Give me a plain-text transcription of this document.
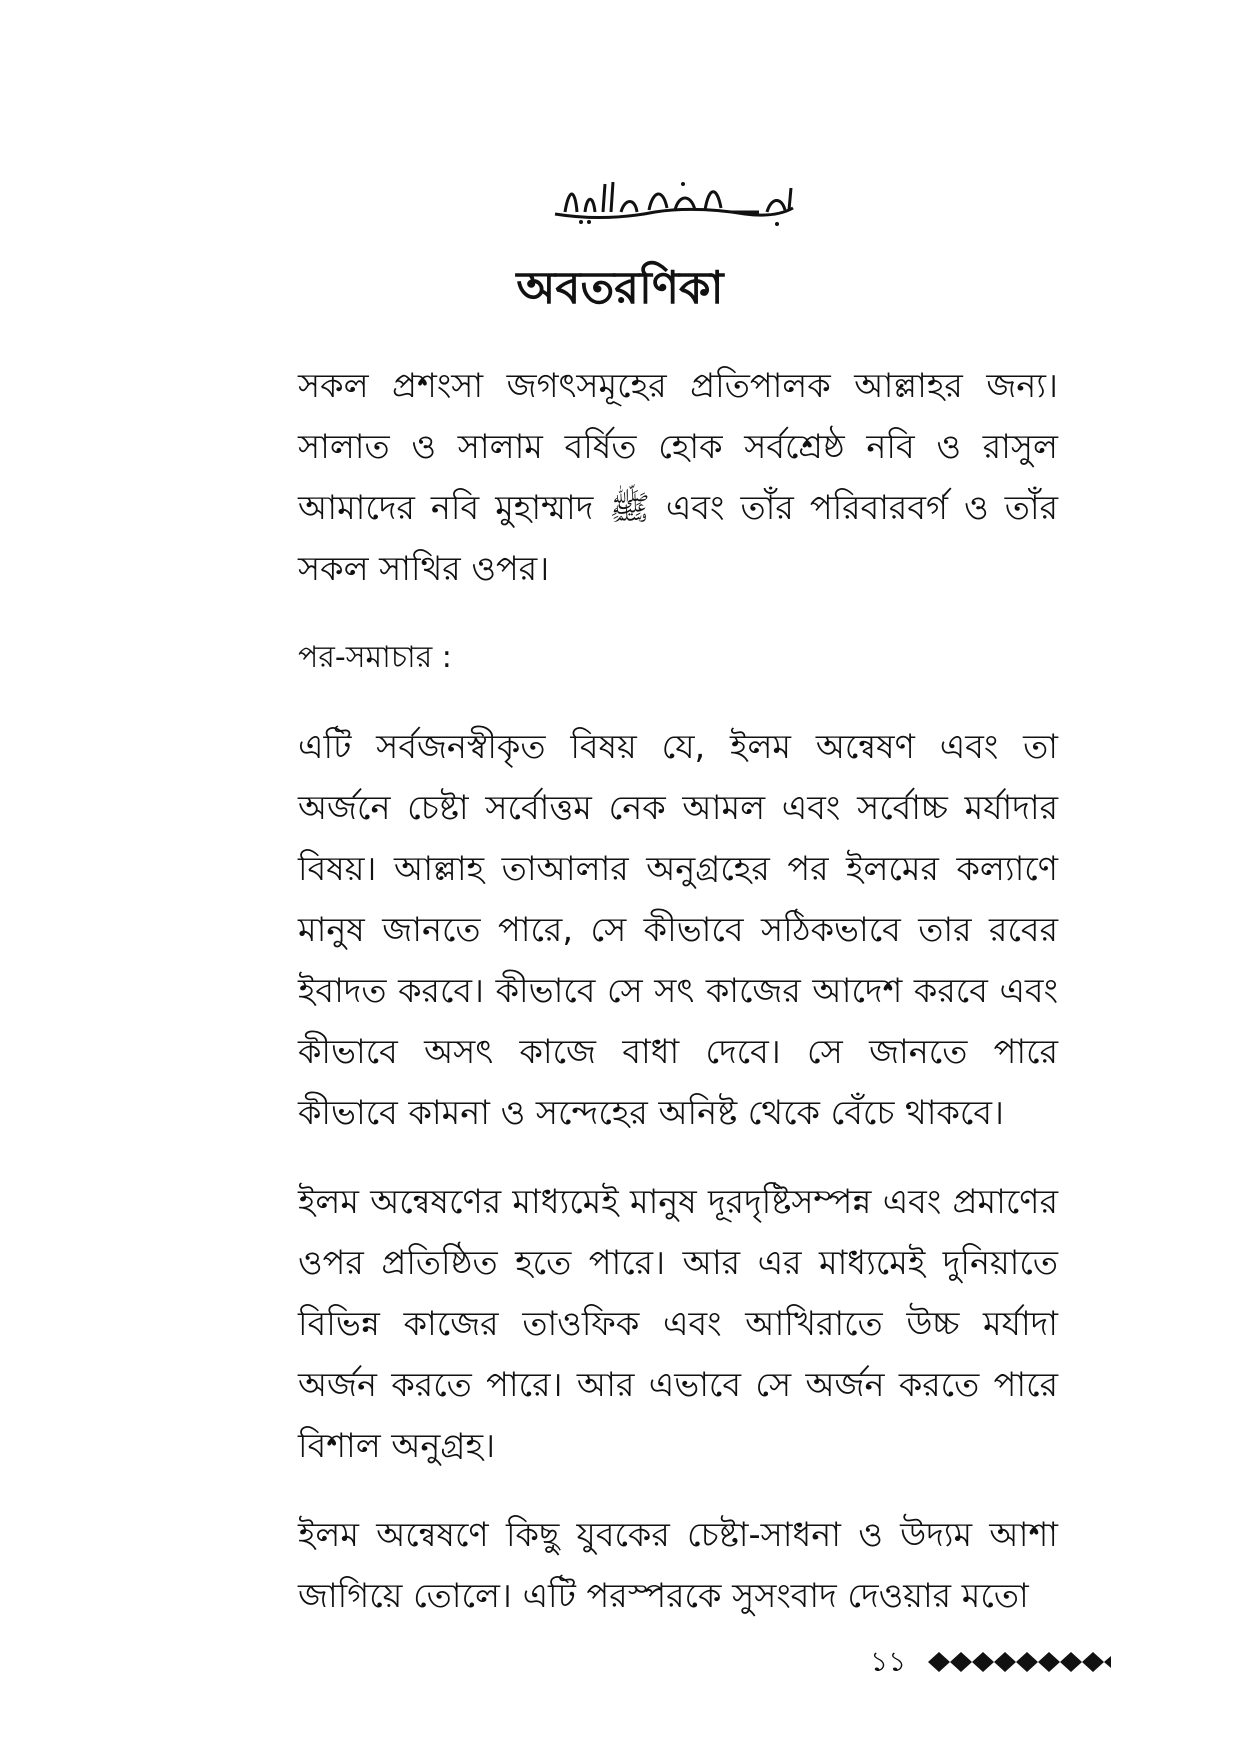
অবতরণিকা

সকল প্রশংসা জগৎসমূহের প্রতিপালক আল্লাহর জন্য। সালাত ও সালাম বর্ষিত হোক সর্বশ্রেষ্ঠ নবি ও রাসুল আমাদের নবি মুহাম্মাদ ﷺ এবং তাঁর পরিবারবর্গ ও তাঁর সকল সাথির ওপর।

পর-সমাচার :

এটি সর্বজনস্বীকৃত বিষয় যে, ইলম অন্বেষণ এবং তা অর্জনে চেষ্টা সর্বোত্তম নেক আমল এবং সর্বোচ্চ মর্যাদার বিষয়। আল্লাহ তাআলার অনুগ্রহের পর ইলমের কল্যাণে মানুষ জানতে পারে, সে কীভাবে সঠিকভাবে তার রবের ইবাদত করবে। কীভাবে সে সৎ কাজের আদেশ করবে এবং কীভাবে অসৎ কাজে বাধা দেবে। সে জানতে পারে কীভাবে কামনা ও সন্দেহের অনিষ্ট থেকে বেঁচে থাকবে।

ইলম অন্বেষণের মাধ্যমেই মানুষ দূরদৃষ্টিসম্পন্ন এবং প্রমাণের ওপর প্রতিষ্ঠিত হতে পারে। আর এর মাধ্যমেই দুনিয়াতে বিভিন্ন কাজের তাওফিক এবং আখিরাতে উচ্চ মর্যাদা অর্জন করতে পারে। আর এভাবে সে অর্জন করতে পারে বিশাল অনুগ্রহ।

ইলম অন্বেষণে কিছু যুবকের চেষ্টা-সাধনা ও উদ্যম আশা জাগিয়ে তোলে। এটি পরস্পরকে সুসংবাদ দেওয়ার মতো

১১
